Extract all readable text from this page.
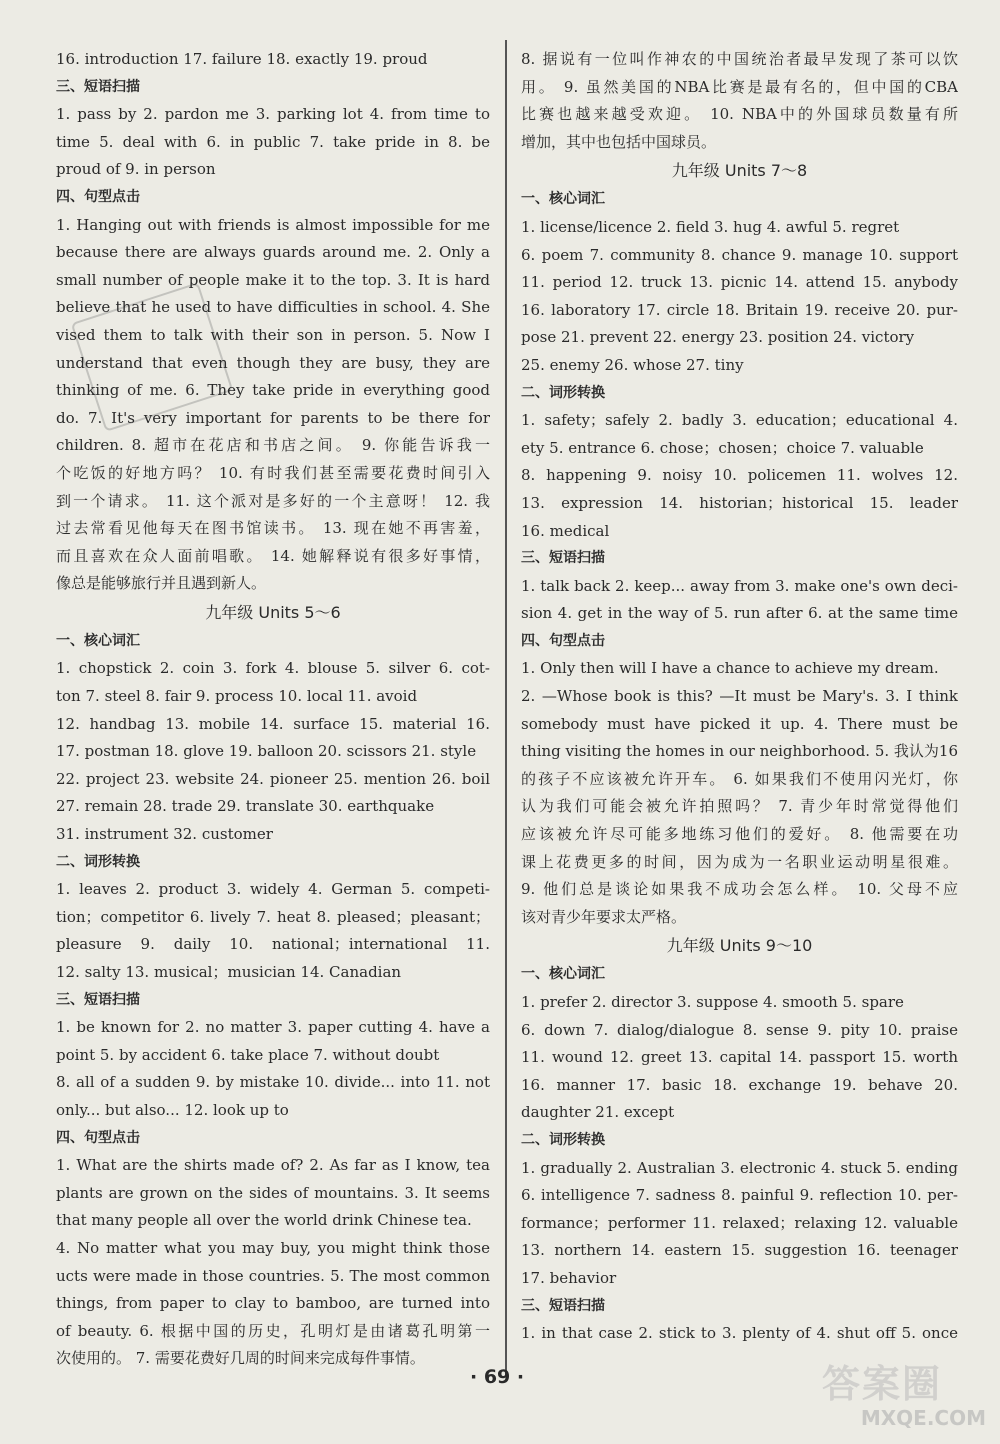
16. introduction 17. failure 18. exactly 19. proud
三、短语扫描
1. pass by 2. pardon me 3. parking lot 4. from time to
time 5. deal with 6. in public 7. take pride in 8. be
proud of 9. in person
四、句型点击
1. Hanging out with friends is almost impossible for me
because there are always guards around me. 2. Only a
small number of people make it to the top. 3. It is hard
believe that he used to have difficulties in school. 4. She
vised them to talk with their son in person. 5. Now I
understand that even though they are busy, they are
thinking of me. 6. They take pride in everything good
do. 7. It's very important for parents to be there for
children. 8. 超市在花店和书店之间。 9. 你能告诉我一
个吃饭的好地方吗？ 10. 有时我们甚至需要花费时间引入
到一个请求。 11. 这个派对是多好的一个主意呀！ 12. 我
过去常看见他每天在图书馆读书。 13. 现在她不再害羞，
而且喜欢在众人面前唱歌。 14. 她解释说有很多好事情，
像总是能够旅行并且遇到新人。
九年级 Units 5～6
一、核心词汇
1. chopstick 2. coin 3. fork 4. blouse 5. silver 6. cot-
ton 7. steel 8. fair 9. process 10. local 11. avoid
12. handbag 13. mobile 14. surface 15. material 16.
17. postman 18. glove 19. balloon 20. scissors 21. style
22. project 23. website 24. pioneer 25. mention 26. boil
27. remain 28. trade 29. translate 30. earthquake
31. instrument 32. customer
二、词形转换
1. leaves 2. product 3. widely 4. German 5. competi-
tion；competitor 6. lively 7. heat 8. pleased；pleasant；
pleasure 9. daily 10. national；international 11.
12. salty 13. musical；musician 14. Canadian
三、短语扫描
1. be known for 2. no matter 3. paper cutting 4. have a
point 5. by accident 6. take place 7. without doubt
8. all of a sudden 9. by mistake 10. divide... into 11. not
only... but also... 12. look up to
四、句型点击
1. What are the shirts made of? 2. As far as I know, tea
plants are grown on the sides of mountains. 3. It seems
that many people all over the world drink Chinese tea.
4. No matter what you may buy, you might think those
ucts were made in those countries. 5. The most common
things, from paper to clay to bamboo, are turned into
of beauty. 6. 根据中国的历史，孔明灯是由诸葛孔明第一
次使用的。 7. 需要花费好几周的时间来完成每件事情。
8. 据说有一位叫作神农的中国统治者最早发现了茶可以饮
用。 9. 虽然美国的NBA比赛是最有名的，但中国的CBA
比赛也越来越受欢迎。 10. NBA中的外国球员数量有所
增加，其中也包括中国球员。
九年级 Units 7～8
一、核心词汇
1. license/licence 2. field 3. hug 4. awful 5. regret
6. poem 7. community 8. chance 9. manage 10. support
11. period 12. truck 13. picnic 14. attend 15. anybody
16. laboratory 17. circle 18. Britain 19. receive 20. pur-
pose 21. prevent 22. energy 23. position 24. victory
25. enemy 26. whose 27. tiny
二、词形转换
1. safety；safely 2. badly 3. education；educational 4.
ety 5. entrance 6. chose；chosen；choice 7. valuable
8. happening 9. noisy 10. policemen 11. wolves 12.
13. expression 14. historian；historical 15. leader
16. medical
三、短语扫描
1. talk back 2. keep... away from 3. make one's own deci-
sion 4. get in the way of 5. run after 6. at the same time
四、句型点击
1. Only then will I have a chance to achieve my dream.
2. —Whose book is this? —It must be Mary's. 3. I think
somebody must have picked it up. 4. There must be
thing visiting the homes in our neighborhood. 5. 我认为16
的孩子不应该被允许开车。 6. 如果我们不使用闪光灯，你
认为我们可能会被允许拍照吗？ 7. 青少年时常觉得他们
应该被允许尽可能多地练习他们的爱好。 8. 他需要在功
课上花费更多的时间，因为成为一名职业运动明星很难。
9. 他们总是谈论如果我不成功会怎么样。 10. 父母不应
该对青少年要求太严格。
九年级 Units 9～10
一、核心词汇
1. prefer 2. director 3. suppose 4. smooth 5. spare
6. down 7. dialog/dialogue 8. sense 9. pity 10. praise
11. wound 12. greet 13. capital 14. passport 15. worth
16. manner 17. basic 18. exchange 19. behave 20.
daughter 21. except
二、词形转换
1. gradually 2. Australian 3. electronic 4. stuck 5. ending
6. intelligence 7. sadness 8. painful 9. reflection 10. per-
formance；performer 11. relaxed；relaxing 12. valuable
13. northern 14. eastern 15. suggestion 16. teenager
17. behavior
三、短语扫描
1. in that case 2. stick to 3. plenty of 4. shut off 5. once
· 69 ·	答案圈
MXQE.COM
